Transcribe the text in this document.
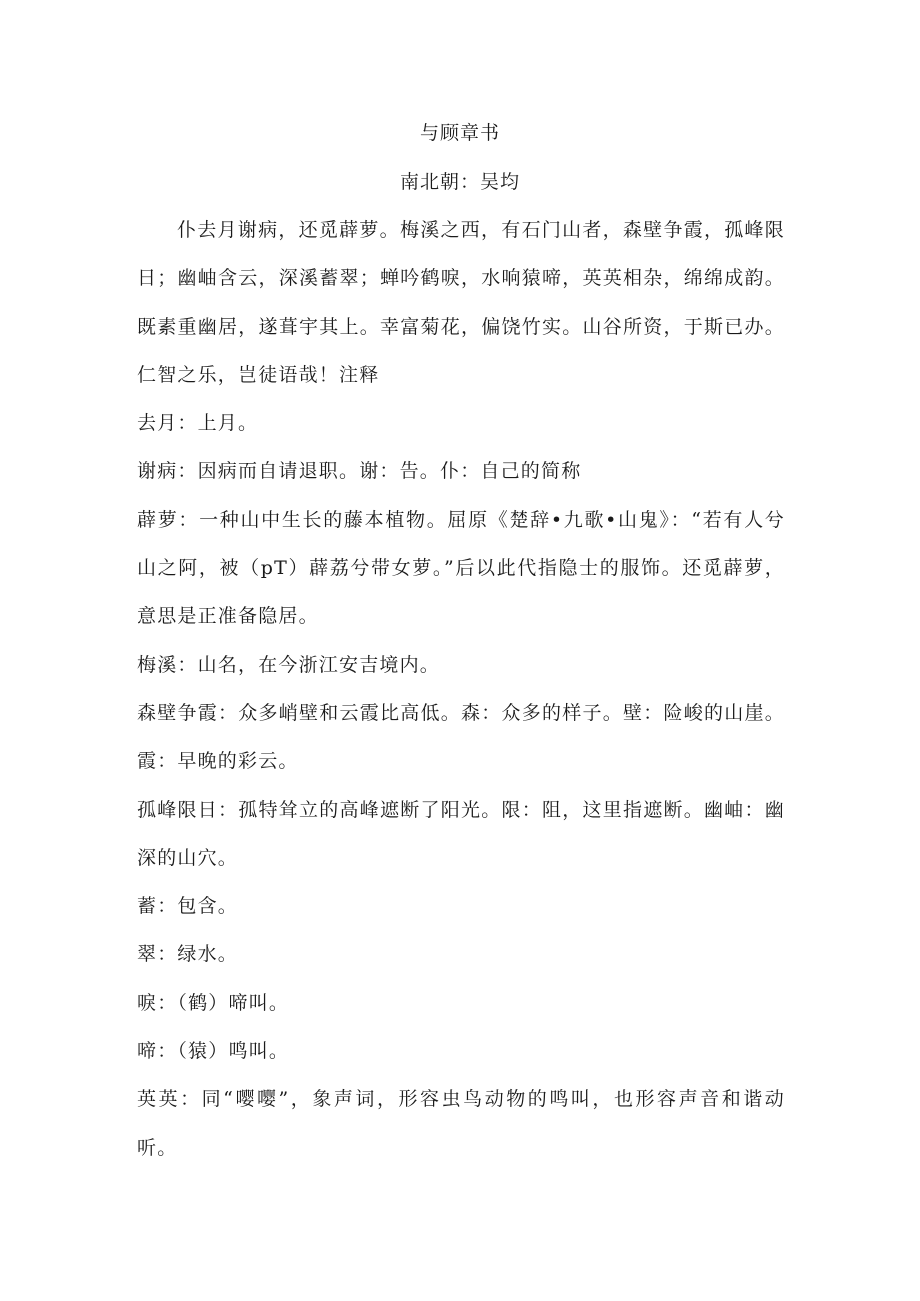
与顾章书
南北朝：吴均

仆去月谢病，还觅薜萝。梅溪之西，有石门山者，森壁争霞，孤峰限日；幽岫含云，深溪蓄翠；蝉吟鹤唳，水响猿啼，英英相杂，绵绵成韵。既素重幽居，遂葺宇其上。幸富菊花，偏饶竹实。山谷所资，于斯已办。仁智之乐，岂徒语哉！注释

去月：上月。

谢病：因病而自请退职。谢：告。仆：自己的简称

薜萝：一种山中生长的藤本植物。屈原《楚辞•九歌•山鬼》：“若有人兮山之阿，被（pT）薜荔兮带女萝。”后以此代指隐士的服饰。还觅薜萝，意思是正准备隐居。

梅溪：山名，在今浙江安吉境内。

森壁争霞：众多峭壁和云霞比高低。森：众多的样子。壁：险峻的山崖。霞：早晚的彩云。

孤峰限日：孤特耸立的高峰遮断了阳光。限：阻，这里指遮断。幽岫：幽深的山穴。

蓄：包含。

翠：绿水。

唳：（鹤）啼叫。

啼：（猿）鸣叫。

英英：同“嘤嘤”，象声词，形容虫鸟动物的鸣叫，也形容声音和谐动听。
